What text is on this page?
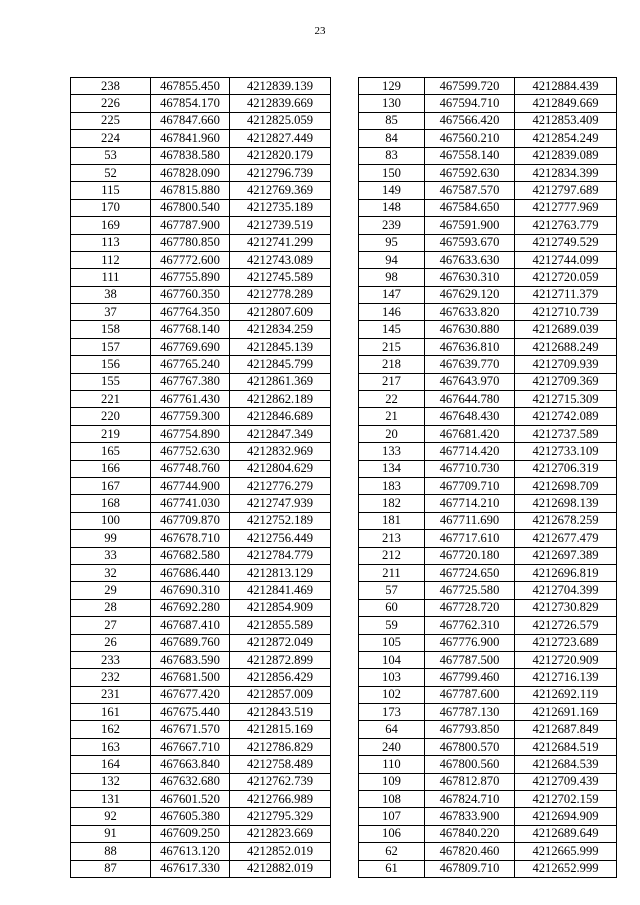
23
238	467855.450	4212839.139
226	467854.170	4212839.669
225	467847.660	4212825.059
224	467841.960	4212827.449
53	467838.580	4212820.179
52	467828.090	4212796.739
115	467815.880	4212769.369
170	467800.540	4212735.189
169	467787.900	4212739.519
113	467780.850	4212741.299
112	467772.600	4212743.089
111	467755.890	4212745.589
38	467760.350	4212778.289
37	467764.350	4212807.609
158	467768.140	4212834.259
157	467769.690	4212845.139
156	467765.240	4212845.799
155	467767.380	4212861.369
221	467761.430	4212862.189
220	467759.300	4212846.689
219	467754.890	4212847.349
165	467752.630	4212832.969
166	467748.760	4212804.629
167	467744.900	4212776.279
168	467741.030	4212747.939
100	467709.870	4212752.189
99	467678.710	4212756.449
33	467682.580	4212784.779
32	467686.440	4212813.129
29	467690.310	4212841.469
28	467692.280	4212854.909
27	467687.410	4212855.589
26	467689.760	4212872.049
233	467683.590	4212872.899
232	467681.500	4212856.429
231	467677.420	4212857.009
161	467675.440	4212843.519
162	467671.570	4212815.169
163	467667.710	4212786.829
164	467663.840	4212758.489
132	467632.680	4212762.739
131	467601.520	4212766.989
92	467605.380	4212795.329
91	467609.250	4212823.669
88	467613.120	4212852.019
87	467617.330	4212882.019
129	467599.720	4212884.439
130	467594.710	4212849.669
85	467566.420	4212853.409
84	467560.210	4212854.249
83	467558.140	4212839.089
150	467592.630	4212834.399
149	467587.570	4212797.689
148	467584.650	4212777.969
239	467591.900	4212763.779
95	467593.670	4212749.529
94	467633.630	4212744.099
98	467630.310	4212720.059
147	467629.120	4212711.379
146	467633.820	4212710.739
145	467630.880	4212689.039
215	467636.810	4212688.249
218	467639.770	4212709.939
217	467643.970	4212709.369
22	467644.780	4212715.309
21	467648.430	4212742.089
20	467681.420	4212737.589
133	467714.420	4212733.109
134	467710.730	4212706.319
183	467709.710	4212698.709
182	467714.210	4212698.139
181	467711.690	4212678.259
213	467717.610	4212677.479
212	467720.180	4212697.389
211	467724.650	4212696.819
57	467725.580	4212704.399
60	467728.720	4212730.829
59	467762.310	4212726.579
105	467776.900	4212723.689
104	467787.500	4212720.909
103	467799.460	4212716.139
102	467787.600	4212692.119
173	467787.130	4212691.169
64	467793.850	4212687.849
240	467800.570	4212684.519
110	467800.560	4212684.539
109	467812.870	4212709.439
108	467824.710	4212702.159
107	467833.900	4212694.909
106	467840.220	4212689.649
62	467820.460	4212665.999
61	467809.710	4212652.999
